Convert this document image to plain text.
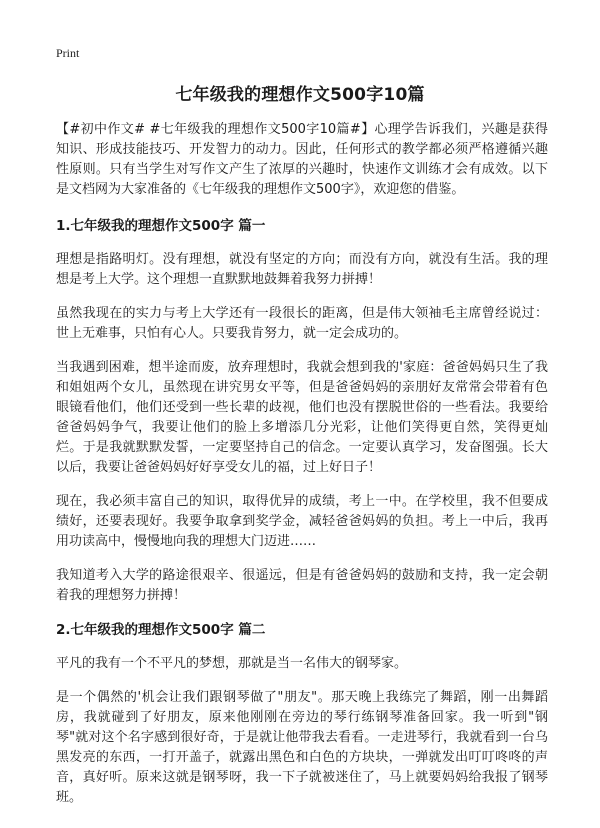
Print
七年级我的理想作文500字10篇

【#初中作文# #七年级我的理想作文500字10篇#】心理学告诉我们，兴趣是获得知识、形成技能技巧、开发智力的动力。因此，任何形式的教学都必须严格遵循兴趣性原则。只有当学生对写作文产生了浓厚的兴趣时，快速作文训练才会有成效。以下是文档网为大家准备的《七年级我的理想作文500字》，欢迎您的借鉴。

1.七年级我的理想作文500字 篇一

理想是指路明灯。没有理想，就没有坚定的方向；而没有方向，就没有生活。我的理想是考上大学。这个理想一直默默地鼓舞着我努力拼搏！

虽然我现在的实力与考上大学还有一段很长的距离，但是伟大领袖毛主席曾经说过：世上无难事，只怕有心人。只要我肯努力，就一定会成功的。

当我遇到困难，想半途而废，放弃理想时，我就会想到我的'家庭：爸爸妈妈只生了我和姐姐两个女儿，虽然现在讲究男女平等，但是爸爸妈妈的亲朋好友常常会带着有色眼镜看他们，他们还受到一些长辈的歧视，他们也没有摆脱世俗的一些看法。我要给爸爸妈妈争气，我要让他们的脸上多增添几分光彩，让他们笑得更自然，笑得更灿烂。于是我就默默发誓，一定要坚持自己的信念。一定要认真学习，发奋图强。长大以后，我要让爸爸妈妈好好享受女儿的福，过上好日子！

现在，我必须丰富自己的知识，取得优异的成绩，考上一中。在学校里，我不但要成绩好，还要表现好。我要争取拿到奖学金，减轻爸爸妈妈的负担。考上一中后，我再用功读高中，慢慢地向我的理想大门迈进……

我知道考入大学的路途很艰辛、很遥远，但是有爸爸妈妈的鼓励和支持，我一定会朝着我的理想努力拼搏！

2.七年级我的理想作文500字 篇二

平凡的我有一个不平凡的梦想，那就是当一名伟大的钢琴家。

是一个偶然的'机会让我们跟钢琴做了"朋友"。那天晚上我练完了舞蹈，刚一出舞蹈房，我就碰到了好朋友，原来他刚刚在旁边的琴行练钢琴准备回家。我一听到"钢琴"就对这个名字感到很好奇，于是就让他带我去看看。一走进琴行，我就看到一台乌黑发亮的东西，一打开盖子，就露出黑色和白色的方块块，一弹就发出叮叮咚咚的声音，真好听。原来这就是钢琴呀，我一下子就被迷住了，马上就要妈妈给我报了钢琴班。
